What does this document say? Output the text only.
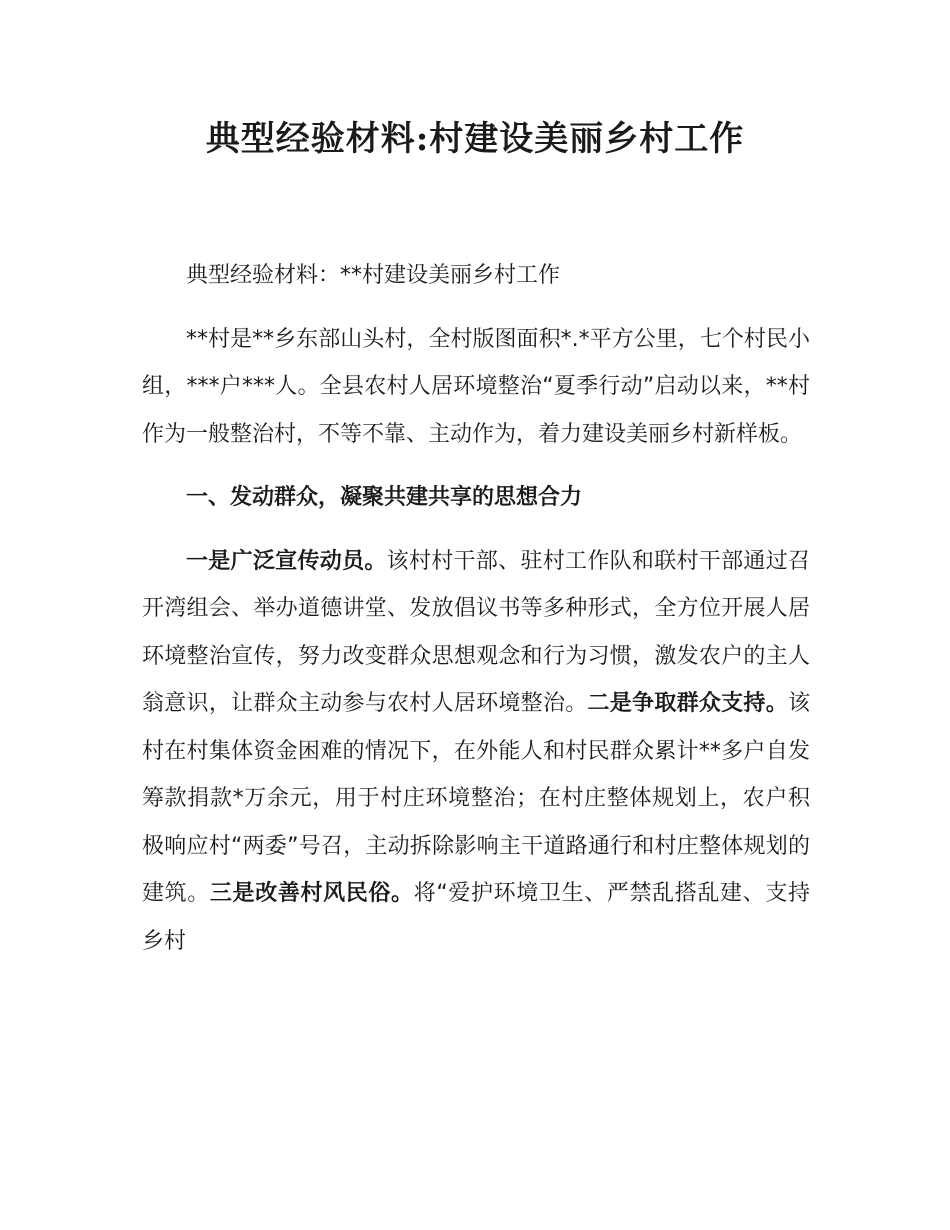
典型经验材料:村建设美丽乡村工作

典型经验材料：**村建设美丽乡村工作

**村是**乡东部山头村，全村版图面积*.*平方公里，七个村民小组，***户***人。全县农村人居环境整治“夏季行动”启动以来，**村作为一般整治村，不等不靠、主动作为，着力建设美丽乡村新样板。

一、发动群众，凝聚共建共享的思想合力

一是广泛宣传动员。该村村干部、驻村工作队和联村干部通过召开湾组会、举办道德讲堂、发放倡议书等多种形式，全方位开展人居环境整治宣传，努力改变群众思想观念和行为习惯，激发农户的主人翁意识，让群众主动参与农村人居环境整治。二是争取群众支持。该村在村集体资金困难的情况下，在外能人和村民群众累计**多户自发筹款捐款*万余元，用于村庄环境整治；在村庄整体规划上，农户积极响应村“两委”号召，主动拆除影响主干道路通行和村庄整体规划的建筑。三是改善村风民俗。将“爱护环境卫生、严禁乱搭乱建、支持乡村
